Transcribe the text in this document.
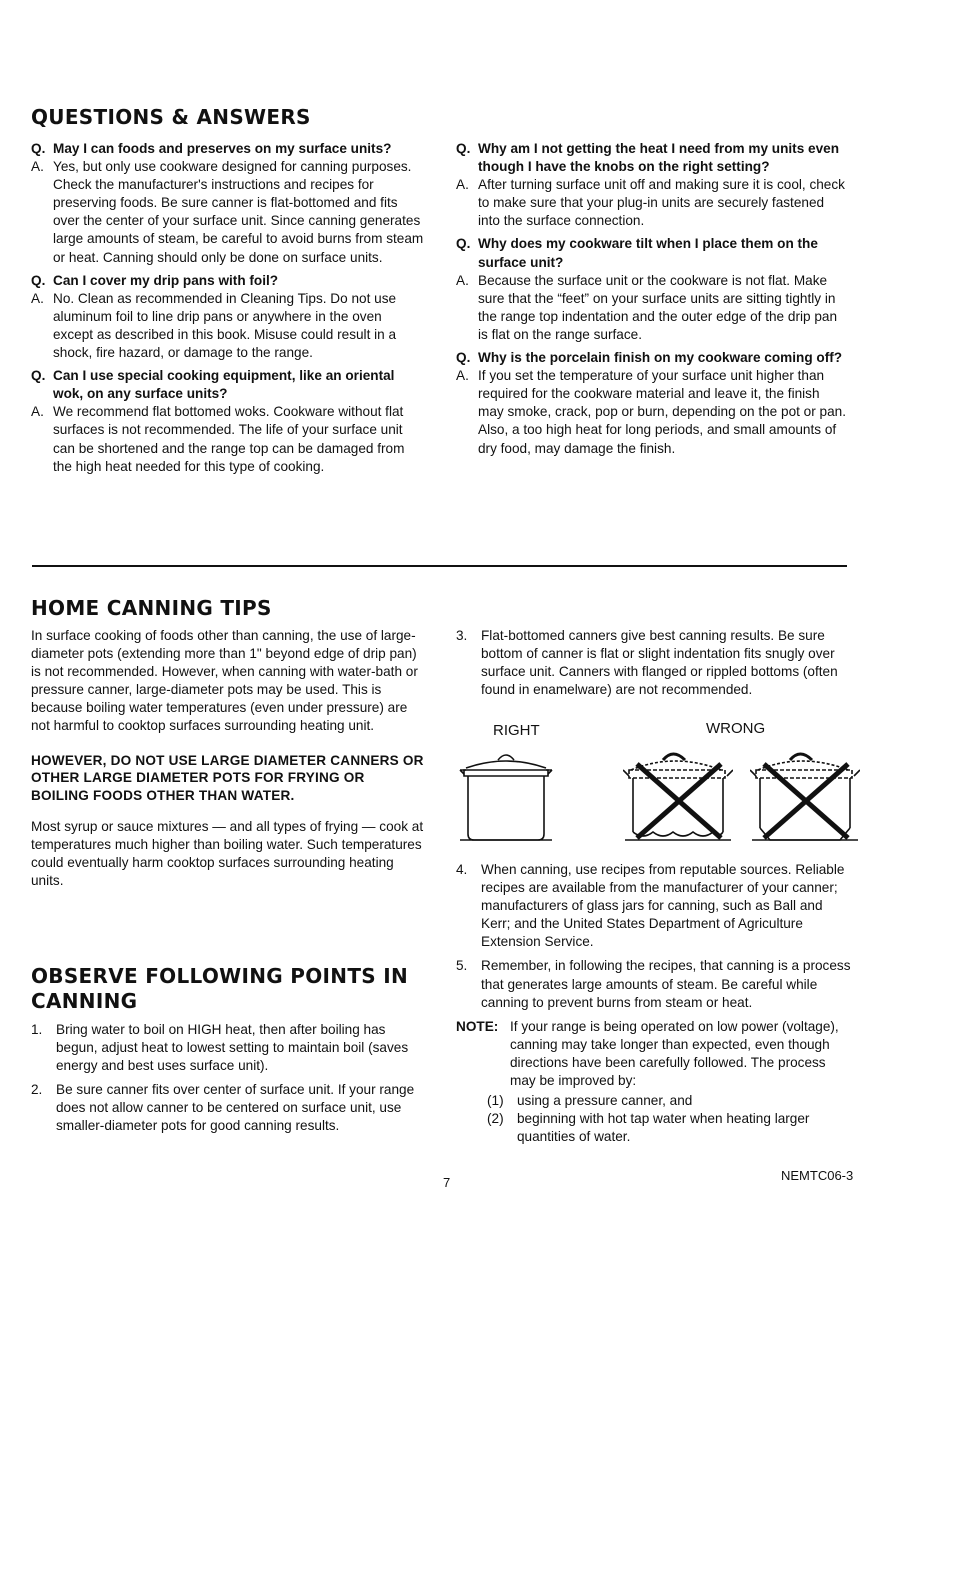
QUESTIONS & ANSWERS
Q. May I can foods and preserves on my surface units?
A. Yes, but only use cookware designed for canning purposes. Check the manufacturer's instructions and recipes for preserving foods. Be sure canner is flat-bottomed and fits over the center of your surface unit. Since canning generates large amounts of steam, be careful to avoid burns from steam or heat. Canning should only be done on surface units.
Q. Can I cover my drip pans with foil?
A. No. Clean as recommended in Cleaning Tips. Do not use aluminum foil to line drip pans or anywhere in the oven except as described in this book. Misuse could result in a shock, fire hazard, or damage to the range.
Q. Can I use special cooking equipment, like an oriental wok, on any surface units?
A. We recommend flat bottomed woks. Cookware without flat surfaces is not recommended. The life of your surface unit can be shortened and the range top can be damaged from the high heat needed for this type of cooking.
Q. Why am I not getting the heat I need from my units even though I have the knobs on the right setting?
A. After turning surface unit off and making sure it is cool, check to make sure that your plug-in units are securely fastened into the surface connection.
Q. Why does my cookware tilt when I place them on the surface unit?
A. Because the surface unit or the cookware is not flat. Make sure that the “feet” on your surface units are sitting tightly in the range top indentation and the outer edge of the drip pan is flat on the range surface.
Q. Why is the porcelain finish on my cookware coming off?
A. If you set the temperature of your surface unit higher than required for the cookware material and leave it, the finish may smoke, crack, pop or burn, depending on the pot or pan. Also, a too high heat for long periods, and small amounts of dry food, may damage the finish.
HOME CANNING TIPS

In surface cooking of foods other than canning, the use of large-diameter pots (extending more than 1" beyond edge of drip pan) is not recommended. However, when canning with water-bath or pressure canner, large-diameter pots may be used. This is because boiling water temperatures (even under pressure) are not harmful to cooktop surfaces surrounding heating unit.

HOWEVER, DO NOT USE LARGE DIAMETER CANNERS OR OTHER LARGE DIAMETER POTS FOR FRYING OR BOILING FOODS OTHER THAN WATER.

Most syrup or sauce mixtures — and all types of frying — cook at temperatures much higher than boiling water. Such temperatures could eventually harm cooktop surfaces surrounding heating units.

OBSERVE FOLLOWING POINTS IN CANNING
1.	Bring water to boil on HIGH heat, then after boiling has begun, adjust heat to lowest setting to maintain boil (saves energy and best uses surface unit).
2.	Be sure canner fits over center of surface unit. If your range does not allow canner to be centered on surface unit, use smaller-diameter pots for good canning results.
3.	Flat-bottomed canners give best canning results. Be sure bottom of canner is flat or slight indentation fits snugly over surface unit. Canners with flanged or rippled bottoms (often found in enamelware) are not recommended.
RIGHT	WRONG
4.	When canning, use recipes from reputable sources. Reliable recipes are available from the manufacturer of your canner; manufacturers of glass jars for canning, such as Ball and Kerr; and the United States Department of Agriculture Extension Service.
5.	Remember, in following the recipes, that canning is a process that generates large amounts of steam. Be careful while canning to prevent burns from steam or heat.
NOTE: If your range is being operated on low power (voltage), canning may take longer than expected, even though directions have been carefully followed. The process may be improved by:
(1) using a pressure canner, and
(2) beginning with hot tap water when heating larger quantities of water.
7	NEMTC06-3
